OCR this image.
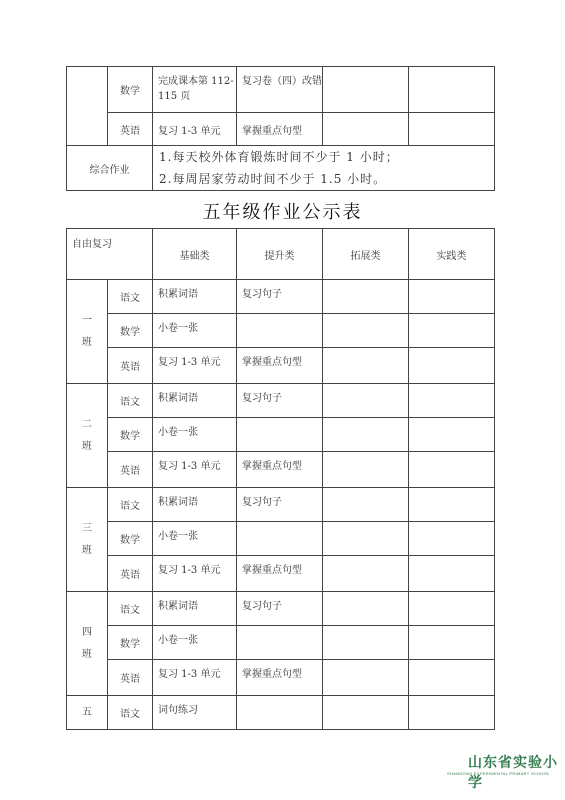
	数学	完成课本第 112-115 页	复习卷（四）改错		
	英语	复习 1-3 单元	掌握重点句型		
综合作业		1.每天校外体育锻炼时间不少于 1 小时；
2.每周居家劳动时间不少于 1.5 小时。			
五年级作业公示表
自由复习		基础类	提升类	拓展类	实践类

一
班	语文	积累词语	复习句子		
	数学	小卷一张			
	英语	复习 1-3 单元	掌握重点句型		

二
班	语文	积累词语	复习句子		
	数学	小卷一张			
	英语	复习 1-3 单元	掌握重点句型		

三
班	语文	积累词语	复习句子		
	数学	小卷一张			
	英语	复习 1-3 单元	掌握重点句型		

四
班	语文	积累词语	复习句子		
	数学	小卷一张			
	英语	复习 1-3 单元	掌握重点句型		

五	语文	词句练习			
山东省实验小学
SHANDONG EXPERIMENTAL PRIMARY SCHOOL
